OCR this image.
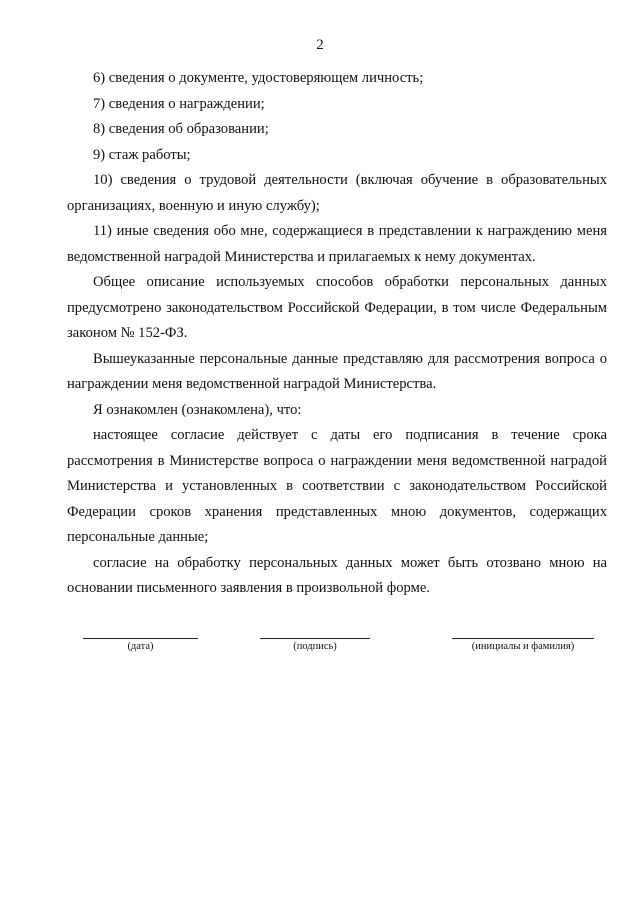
2

6) сведения о документе, удостоверяющем личность;

7) сведения о награждении;

8) сведения об образовании;

9) стаж работы;

10) сведения о трудовой деятельности (включая обучение в образовательных организациях, военную и иную службу);

11) иные сведения обо мне, содержащиеся в представлении к награждению меня ведомственной наградой Министерства и прилагаемых к нему документах.

Общее описание используемых способов обработки персональных данных предусмотрено законодательством Российской Федерации, в том числе Федеральным законом № 152-ФЗ.

Вышеуказанные персональные данные представляю для рассмотрения вопроса о награждении меня ведомственной наградой Министерства.

Я ознакомлен (ознакомлена), что:

настоящее согласие действует с даты его подписания в течение срока рассмотрения в Министерстве вопроса о награждении меня ведомственной наградой Министерства и установленных в соответствии с законодательством Российской Федерации сроков хранения представленных мною документов, содержащих персональные данные;

согласие на обработку персональных данных может быть отозвано мною на основании письменного заявления в произвольной форме.

(дата)	(подпись)	(инициалы и фамилия)
